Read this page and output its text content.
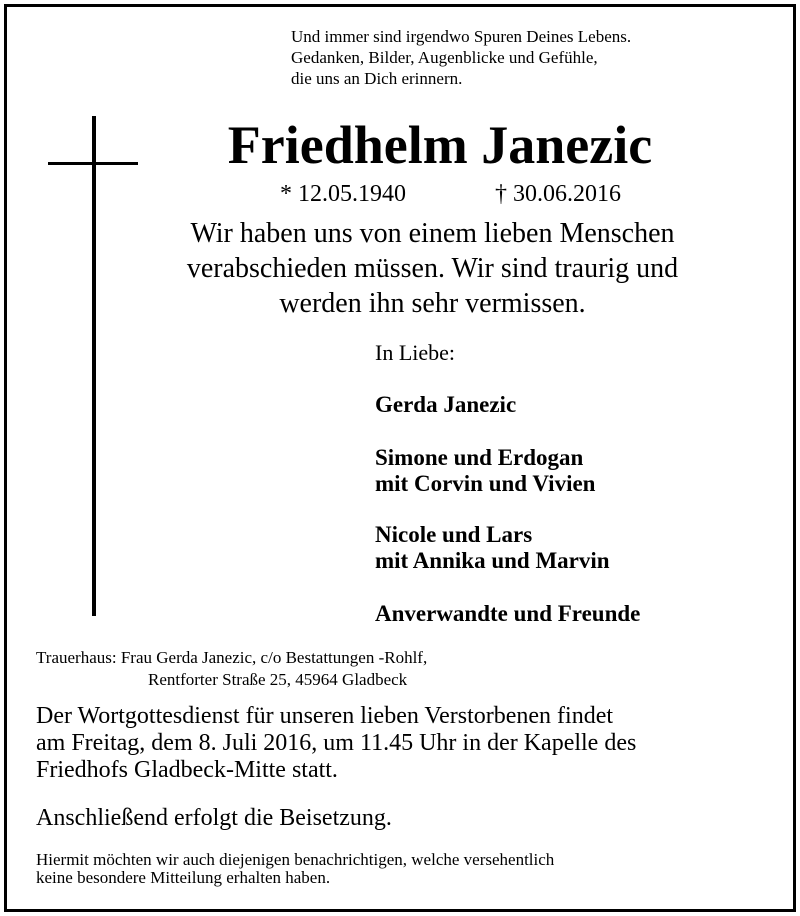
Und immer sind irgendwo Spuren Deines Lebens.
Gedanken, Bilder, Augenblicke und Gefühle,
die uns an Dich erinnern.
Friedhelm Janezic
* 12.05.1940	† 30.06.2016
Wir haben uns von einem lieben Menschen
verabschieden müssen. Wir sind traurig und
werden ihn sehr vermissen.
In Liebe:
Gerda Janezic
Simone und Erdogan
mit Corvin und Vivien
Nicole und Lars
mit Annika und Marvin
Anverwandte und Freunde
Trauerhaus: Frau Gerda Janezic, c/o Bestattungen -Rohlf,
Rentforter Straße 25, 45964 Gladbeck
Der Wortgottesdienst für unseren lieben Verstorbenen findet
am Freitag, dem 8. Juli 2016, um 11.45 Uhr in der Kapelle des
Friedhofs Gladbeck-Mitte statt.
Anschließend erfolgt die Beisetzung.
Hiermit möchten wir auch diejenigen benachrichtigen, welche versehentlich
keine besondere Mitteilung erhalten haben.
